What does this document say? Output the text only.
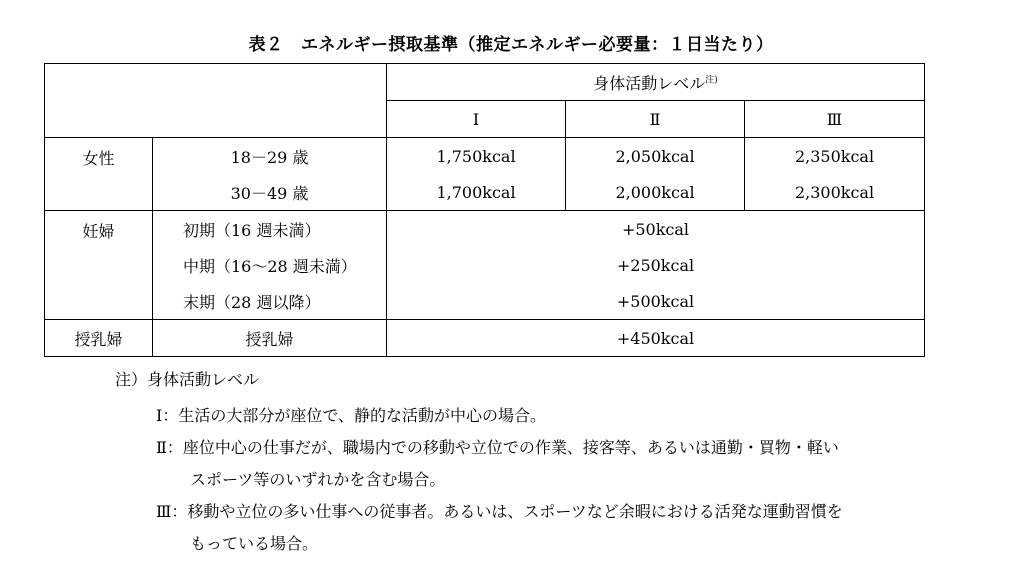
表２　エネルギー摂取基準（推定エネルギー必要量：１日当たり）
		身体活動レベル$^{注)}$
		Ⅰ	Ⅱ	Ⅲ
女性	18－29 歳	1,750kcal	2,050kcal	2,350kcal
	30－49 歳	1,700kcal	2,000kcal	2,300kcal
妊婦	初期（16 週未満）	+50kcal		
	中期（16～28 週未満）	+250kcal		
	末期（28 週以降）	+500kcal		
授乳婦	授乳婦	+450kcal		
注）身体活動レベル
Ⅰ：生活の大部分が座位で、静的な活動が中心の場合。
Ⅱ：座位中心の仕事だが、職場内での移動や立位での作業、接客等、あるいは通勤・買物・軽い
スポーツ等のいずれかを含む場合。
Ⅲ：移動や立位の多い仕事への従事者。あるいは、スポーツなど余暇における活発な運動習慣を
もっている場合。
